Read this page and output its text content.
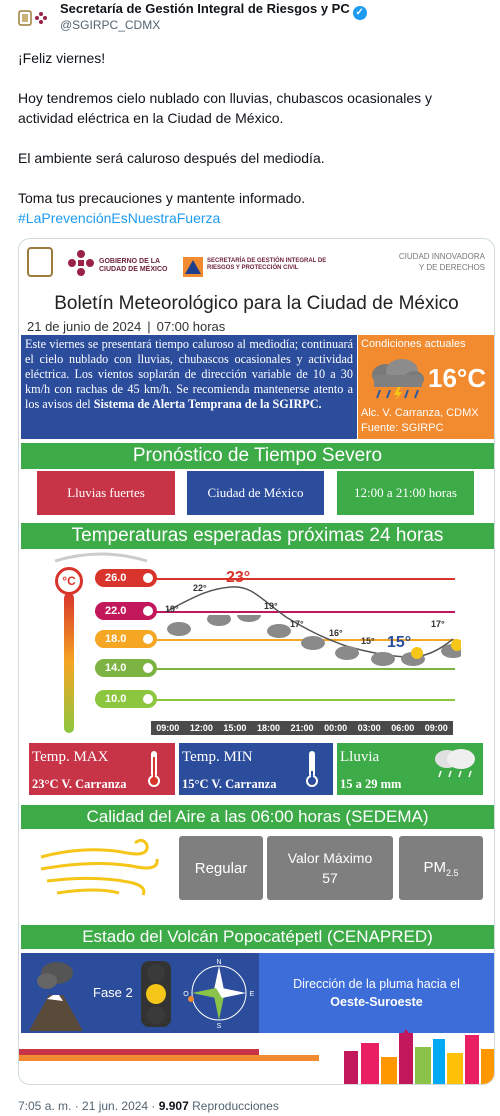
Secretaría de Gestión Integral de Riesgos y PC ✓
@SGIRPC_CDMX

¡Feliz viernes!

Hoy tendremos cielo nublado con lluvias, chubascos ocasionales y actividad eléctrica en la Ciudad de México.

El ambiente será caluroso después del mediodía.

Toma tus precauciones y mantente informado.

#LaPrevenciónEsNuestraFuerza

GOBIERNO DE LA CIUDAD DE MÉXICO
SECRETARÍA DE GESTIÓN INTEGRAL DE RIESGOS Y PROTECCIÓN CIVIL
CIUDAD INNOVADORA
Y DE DERECHOS
Boletín Meteorológico para la Ciudad de México
21 de junio de 2024 | 07:00 horas
Este viernes se presentará tiempo caluroso al mediodía; continuará el cielo nublado con lluvias, chubascos ocasionales y actividad eléctrica. Los vientos soplarán de dirección variable de 10 a 30 km/h con rachas de 45 km/h. Se recomienda mantenerse atento a los avisos del Sistema de Alerta Temprana de la SGIRPC.
Condiciones actuales
16°C
Alc. V. Carranza, CDMX
Fuente: SGIRPC
Pronóstico de Tiempo Severo
Lluvias fuertes	Ciudad de México	12:00 a 21:00 horas
Temperaturas esperadas próximas 24 horas
°C	26.0
22.0
18.0
14.0
10.0
19°
22°
23°
19°
17°
16°
15° 15°
17°
09:00	12:00	15:00	18:00	21:00	00:00	03:00	06:00	09:00
Temp. MAX
23°C V. Carranza
Temp. MIN
15°C V. Carranza
Lluvia
15 a 29 mm
Calidad del Aire a las 06:00 horas (SEDEMA)
Regular
Valor Máximo
57
$PM_{2.5}$
Estado del Volcán Popocatépetl (CENAPRED)
Fase 2
N
S
E
O
Dirección de la pluma hacia el
Oeste-Suroeste
7:05 a. m. · 21 jun. 2024 · 9.907 Reproducciones
